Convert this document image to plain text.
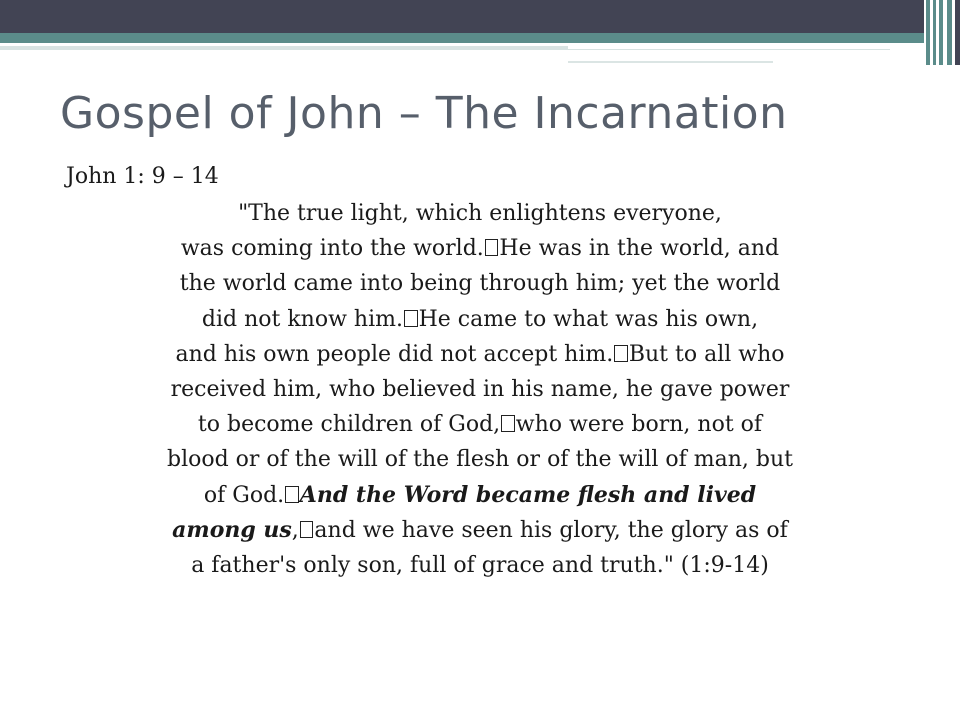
Gospel of John – The Incarnation
John 1: 9 – 14
"The true light, which enlightens everyone,
was coming into the world. He was in the world, and
the world came into being through him; yet the world
did not know him. He came to what was his own,
and his own people did not accept him. But to all who
received him, who believed in his name, he gave power
to become children of God, who were born, not of
blood or of the will of the flesh or of the will of man, but
of God. And the Word became flesh and lived
among us, and we have seen his glory, the glory as of
a father's only son, full of grace and truth." (1:9-14)
